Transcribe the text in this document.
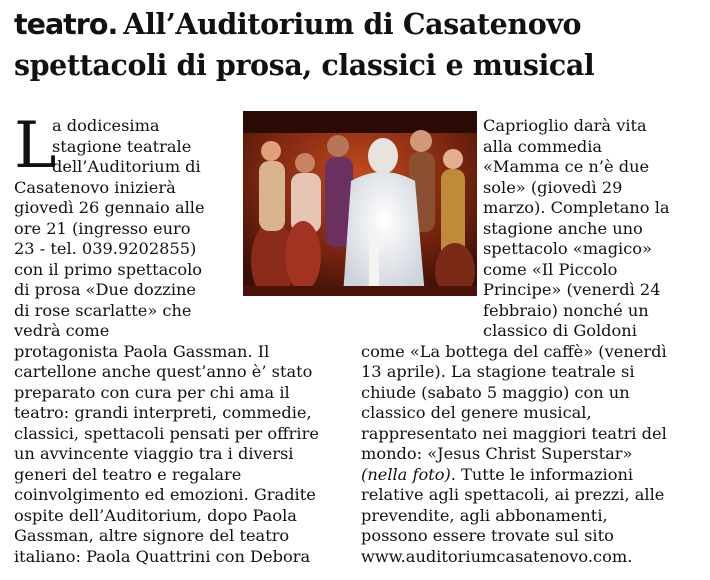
teatro. All’Auditorium di Casatenovo
spettacoli di prosa, classici e musical
L
a dodicesima
stagione teatrale
dell’Auditorium di
Casatenovo inizierà
giovedì 26 gennaio alle
ore 21 (ingresso euro
23 - tel. 039.9202855)
con il primo spettacolo
di prosa «Due dozzine
di rose scarlatte» che
vedrà come
protagonista Paola Gassman. Il
cartellone anche quest’anno è’ stato
preparato con cura per chi ama il
teatro: grandi interpreti, commedie,
classici, spettacoli pensati per offrire
un avvincente viaggio tra i diversi
generi del teatro e regalare
coinvolgimento ed emozioni. Gradite
ospite dell’Auditorium, dopo Paola
Gassman, altre signore del teatro
italiano: Paola Quattrini con Debora
Caprioglio darà vita
alla commedia
«Mamma ce n’è due
sole» (giovedì 29
marzo). Completano la
stagione anche uno
spettacolo «magico»
come «Il Piccolo
Principe» (venerdì 24
febbraio) nonché un
classico di Goldoni
come «La bottega del caffè» (venerdì
13 aprile). La stagione teatrale si
chiude (sabato 5 maggio) con un
classico del genere musical,
rappresentato nei maggiori teatri del
mondo: «Jesus Christ Superstar»
(nella foto). Tutte le informazioni
relative agli spettacoli, ai prezzi, alle
prevendite, agli abbonamenti,
possono essere trovate sul sito
www.auditoriumcasatenovo.com.
